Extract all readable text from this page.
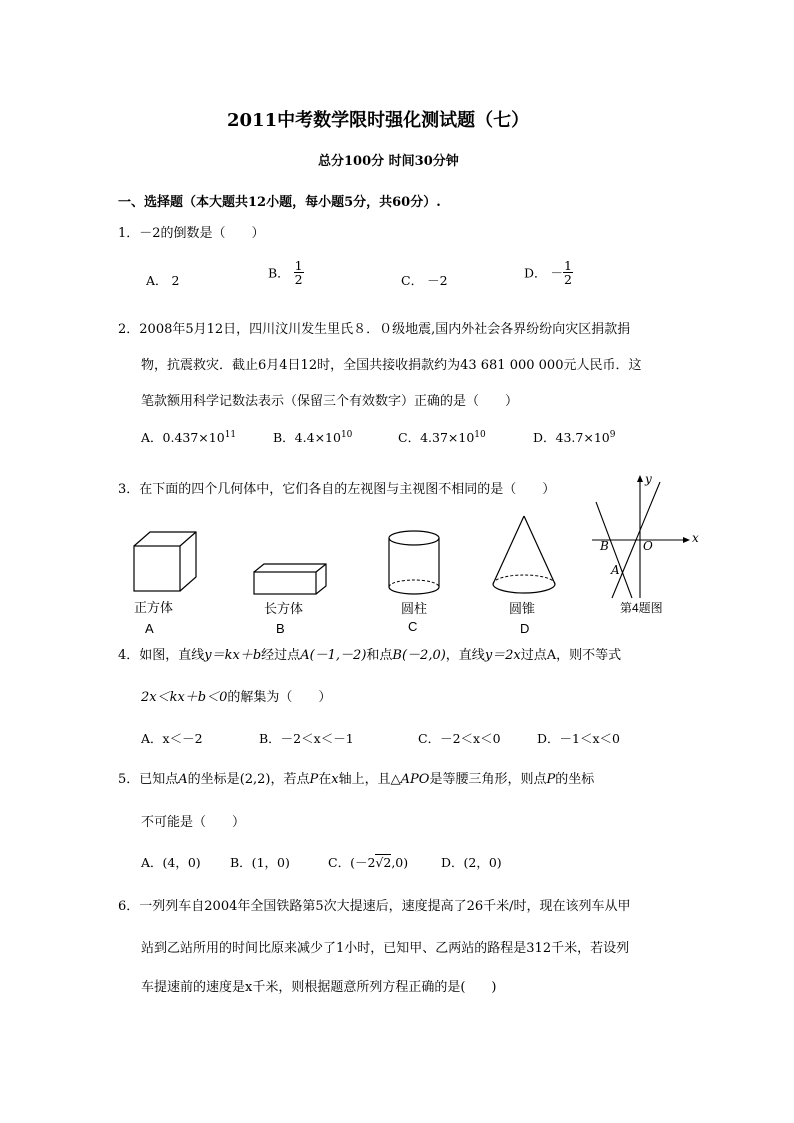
2011中考数学限时强化测试题（七）
总分100分 时间30分钟
一、选择题（本大题共12小题，每小题5分，共60分）.
1．－2的倒数是（　　）
A． 2	B． $\frac{1}{2}$	C． －2	D． － $\frac{1}{2}$
2．2008年5月12日，四川汶川发生里氏８．０级地震,国内外社会各界纷纷向灾区捐款捐
物，抗震救灾．截止6月4日12时，全国共接收捐款约为43 681 000 000元人民币．这
笔款额用科学记数法表示（保留三个有效数字）正确的是（　　）
A．$0.437\times 10^{11}$	B．$4.4\times 10^{10}$	C．$4.37\times 10^{10}$	D．$43.7\times 10^9$
3．在下面的四个几何体中，它们各自的左视图与主视图不相同的是（　　）
正方体
A
长方体
B
圆柱
C
圆锥
D
y
x
B	O
A
第4题图
4．如图，直线y＝kx＋b经过点A(－1,－2)和点B(－2,0)，直线y＝2x过点A，则不等式
2x＜kx＋b＜0的解集为（　　）
A．x＜－2	B．－2＜x＜－1	C．－2＜x＜0	D．－1＜x＜0
5．已知点A的坐标是(2,2)，若点P在x轴上，且△APO是等腰三角形，则点P的坐标
不可能是（　　）
A．(4，0) B．(1，0)	C．(－2√2,0)	D．(2，0)
6．一列列车自2004年全国铁路第5次大提速后，速度提高了26千米/时，现在该列车从甲
站到乙站所用的时间比原来减少了1小时，已知甲、乙两站的路程是312千米，若设列
车提速前的速度是x千米，则根据题意所列方程正确的是(　　)
